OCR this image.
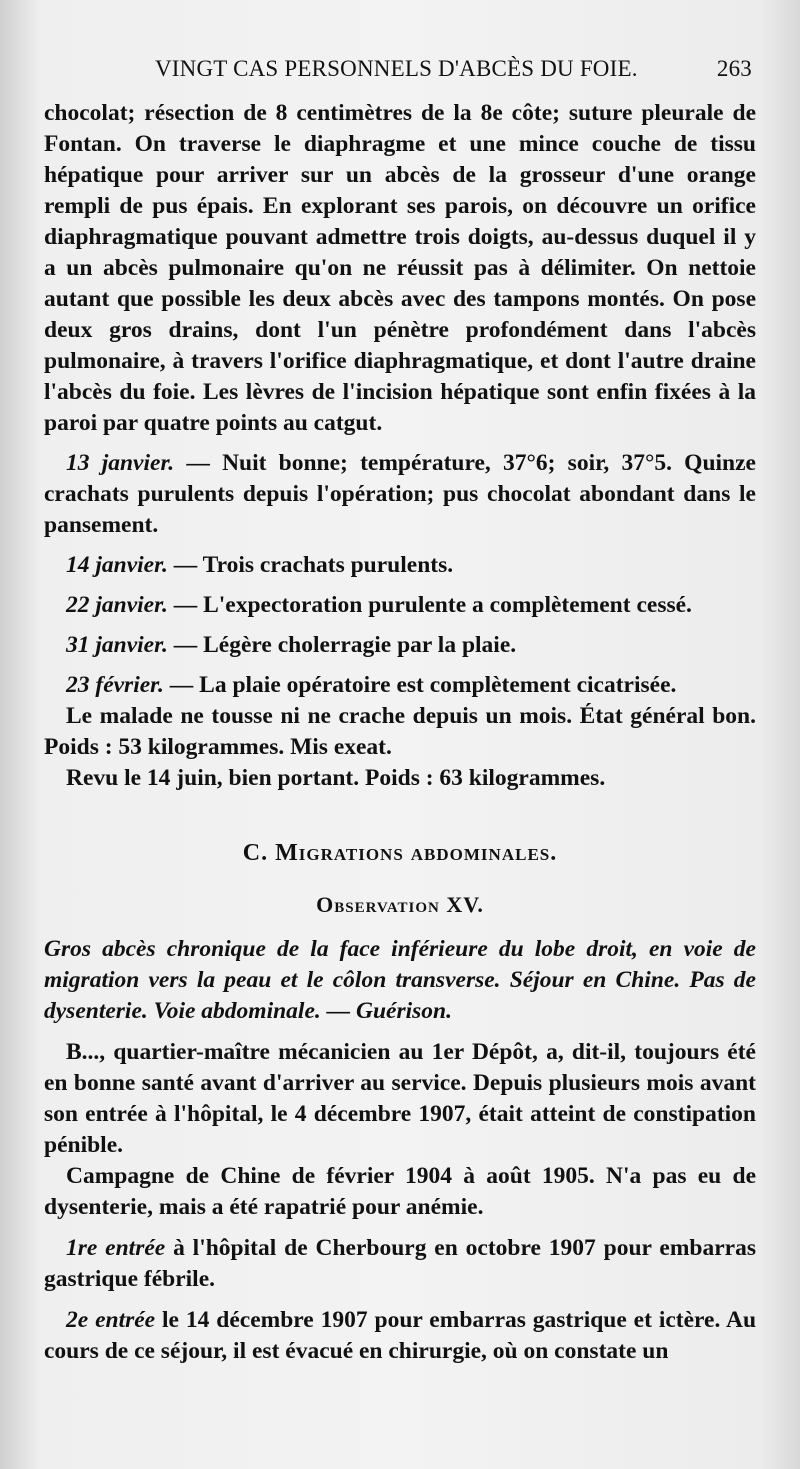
VINGT CAS PERSONNELS D'ABCÈS DU FOIE.	263

chocolat; résection de 8 centimètres de la 8e côte; suture pleurale de Fontan. On traverse le diaphragme et une mince couche de tissu hépatique pour arriver sur un abcès de la grosseur d'une orange rempli de pus épais. En explorant ses parois, on découvre un orifice diaphragmatique pouvant admettre trois doigts, au-dessus duquel il y a un abcès pulmonaire qu'on ne réussit pas à délimiter. On nettoie autant que possible les deux abcès avec des tampons montés. On pose deux gros drains, dont l'un pénètre profondément dans l'abcès pulmonaire, à travers l'orifice diaphragmatique, et dont l'autre draine l'abcès du foie. Les lèvres de l'incision hépatique sont enfin fixées à la paroi par quatre points au catgut.

13 janvier. — Nuit bonne; température, 37°6; soir, 37°5. Quinze crachats purulents depuis l'opération; pus chocolat abondant dans le pansement.

14 janvier. — Trois crachats purulents.

22 janvier. — L'expectoration purulente a complètement cessé.

31 janvier. — Légère cholerragie par la plaie.

23 février. — La plaie opératoire est complètement cicatrisée.

Le malade ne tousse ni ne crache depuis un mois. État général bon. Poids : 53 kilogrammes. Mis exeat.

Revu le 14 juin, bien portant. Poids : 63 kilogrammes.

C. Migrations abdominales.
Observation XV.

Gros abcès chronique de la face inférieure du lobe droit, en voie de migration vers la peau et le côlon transverse. Séjour en Chine. Pas de dysenterie. Voie abdominale. — Guérison.

B..., quartier-maître mécanicien au 1er Dépôt, a, dit-il, toujours été en bonne santé avant d'arriver au service. Depuis plusieurs mois avant son entrée à l'hôpital, le 4 décembre 1907, était atteint de constipation pénible.

Campagne de Chine de février 1904 à août 1905. N'a pas eu de dysenterie, mais a été rapatrié pour anémie.

1re entrée à l'hôpital de Cherbourg en octobre 1907 pour embarras gastrique fébrile.

2e entrée le 14 décembre 1907 pour embarras gastrique et ictère. Au cours de ce séjour, il est évacué en chirurgie, où on constate un
